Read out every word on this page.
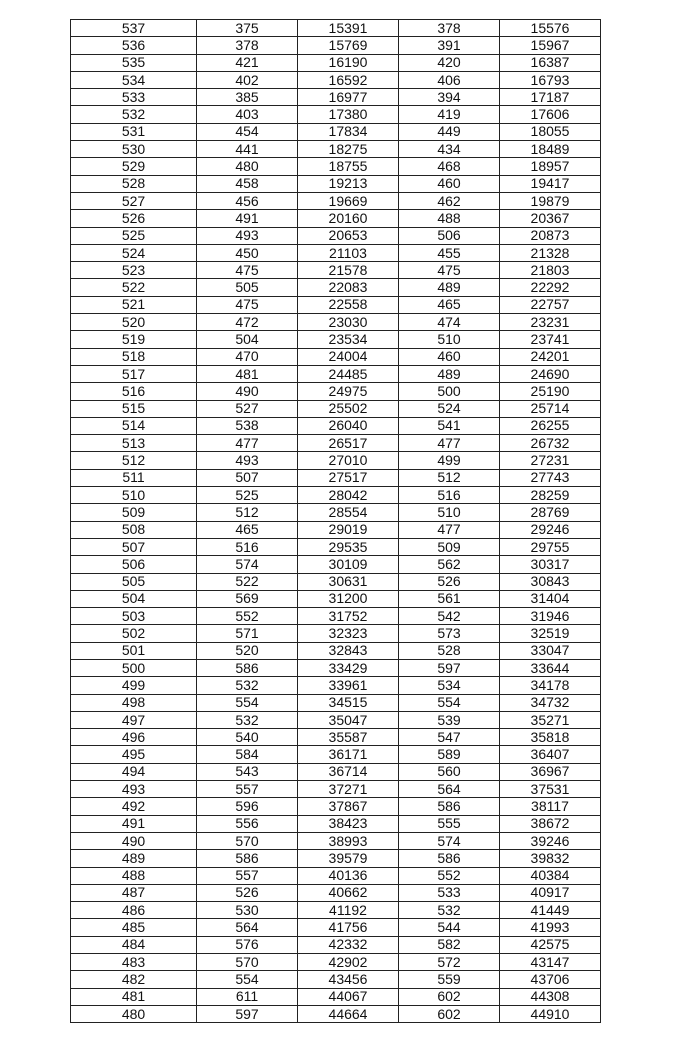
537	375	15391	378	15576
536	378	15769	391	15967
535	421	16190	420	16387
534	402	16592	406	16793
533	385	16977	394	17187
532	403	17380	419	17606
531	454	17834	449	18055
530	441	18275	434	18489
529	480	18755	468	18957
528	458	19213	460	19417
527	456	19669	462	19879
526	491	20160	488	20367
525	493	20653	506	20873
524	450	21103	455	21328
523	475	21578	475	21803
522	505	22083	489	22292
521	475	22558	465	22757
520	472	23030	474	23231
519	504	23534	510	23741
518	470	24004	460	24201
517	481	24485	489	24690
516	490	24975	500	25190
515	527	25502	524	25714
514	538	26040	541	26255
513	477	26517	477	26732
512	493	27010	499	27231
511	507	27517	512	27743
510	525	28042	516	28259
509	512	28554	510	28769
508	465	29019	477	29246
507	516	29535	509	29755
506	574	30109	562	30317
505	522	30631	526	30843
504	569	31200	561	31404
503	552	31752	542	31946
502	571	32323	573	32519
501	520	32843	528	33047
500	586	33429	597	33644
499	532	33961	534	34178
498	554	34515	554	34732
497	532	35047	539	35271
496	540	35587	547	35818
495	584	36171	589	36407
494	543	36714	560	36967
493	557	37271	564	37531
492	596	37867	586	38117
491	556	38423	555	38672
490	570	38993	574	39246
489	586	39579	586	39832
488	557	40136	552	40384
487	526	40662	533	40917
486	530	41192	532	41449
485	564	41756	544	41993
484	576	42332	582	42575
483	570	42902	572	43147
482	554	43456	559	43706
481	611	44067	602	44308
480	597	44664	602	44910
